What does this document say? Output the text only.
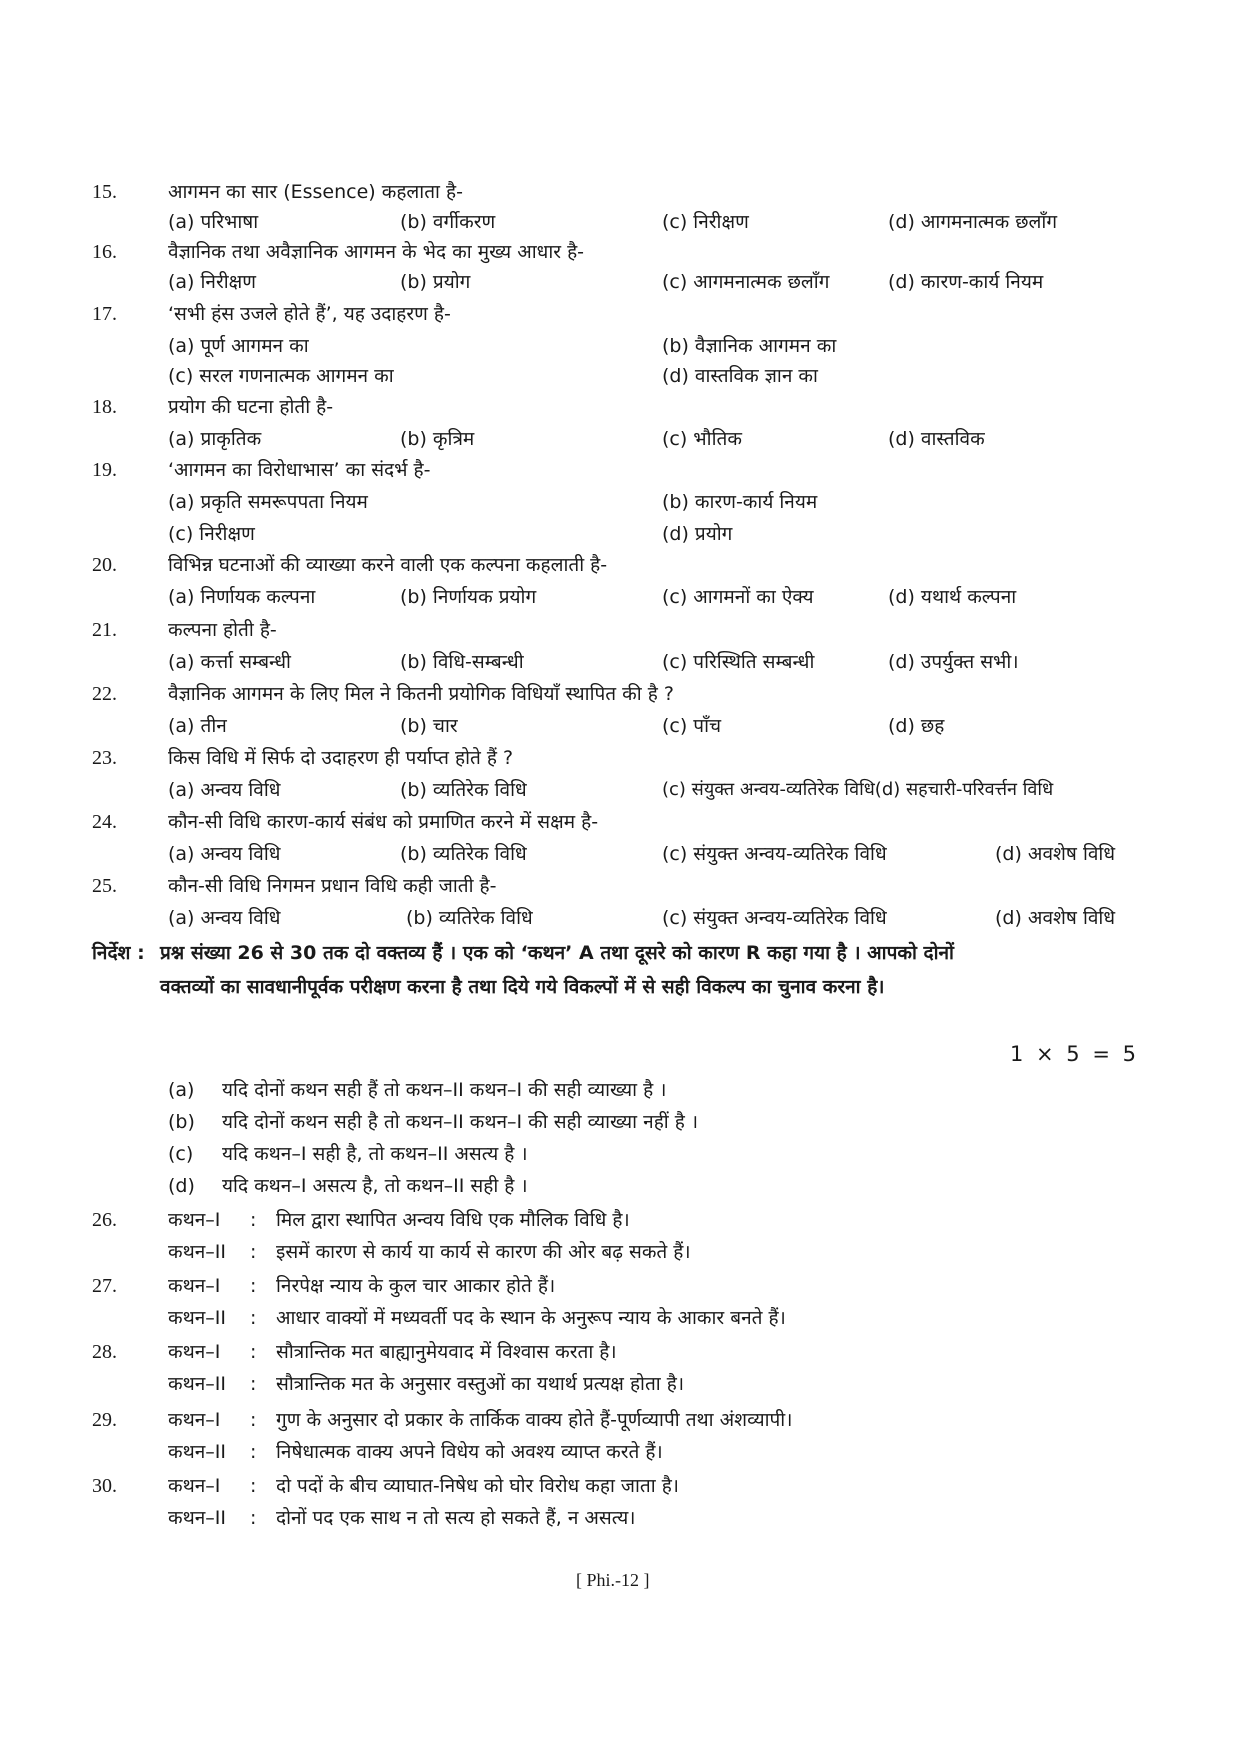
15.	आगमन का सार (Essence) कहलाता है-
(a) परिभाषा	(b) वर्गीकरण	(c) निरीक्षण	(d) आगमनात्मक छलाँग
16.	वैज्ञानिक तथा अवैज्ञानिक आगमन के भेद का मुख्य आधार है-
(a) निरीक्षण	(b) प्रयोग	(c) आगमनात्मक छलाँग	(d) कारण-कार्य नियम
17.	‘सभी हंस उजले होते हैं’, यह उदाहरण है-
(a) पूर्ण आगमन का	(b) वैज्ञानिक आगमन का
(c) सरल गणनात्मक आगमन का	(d) वास्तविक ज्ञान का
18.	प्रयोग की घटना होती है-
(a) प्राकृतिक	(b) कृत्रिम	(c) भौतिक	(d) वास्तविक
19.	‘आगमन का विरोधाभास’ का संदर्भ है-
(a) प्रकृति समरूपपता नियम	(b) कारण-कार्य नियम
(c) निरीक्षण	(d) प्रयोग
20.	विभिन्न घटनाओं की व्याख्या करने वाली एक कल्पना कहलाती है-
(a) निर्णायक कल्पना	(b) निर्णायक प्रयोग	(c) आगमनों का ऐक्य	(d) यथार्थ कल्पना
21.	कल्पना होती है-
(a) कर्त्ता सम्बन्धी	(b) विधि-सम्बन्धी	(c) परिस्थिति सम्बन्धी	(d) उपर्युक्त सभी।
22.	वैज्ञानिक आगमन के लिए मिल ने कितनी प्रयोगिक विधियाँ स्थापित की है ?
(a) तीन	(b) चार	(c) पाँच	(d) छह
23.	किस विधि में सिर्फ दो उदाहरण ही पर्याप्त होते हैं ?
(a) अन्वय विधि	(b) व्यतिरेक विधि	(c) संयुक्त अन्वय-व्यतिरेक विधि(d) सहचारी-परिवर्त्तन विधि
24.	कौन-सी विधि कारण-कार्य संबंध को प्रमाणित करने में सक्षम है-
(a) अन्वय विधि	(b) व्यतिरेक विधि	(c) संयुक्त अन्वय-व्यतिरेक विधि	(d) अवशेष विधि
25.	कौन-सी विधि निगमन प्रधान विधि कही जाती है-
(a) अन्वय विधि	(b) व्यतिरेक विधि	(c) संयुक्त अन्वय-व्यतिरेक विधि	(d) अवशेष विधि
निर्देश : प्रश्न संख्या 26 से 30 तक दो वक्तव्य हैं । एक को ‘कथन’ A तथा दूसरे को कारण R कहा गया है । आपको दोनों
वक्तव्यों का सावधानीपूर्वक परीक्षण करना है तथा दिये गये विकल्पों में से सही विकल्प का चुनाव करना है।
1 × 5 = 5
(a) यदि दोनों कथन सही हैं तो कथन–II कथन–I की सही व्याख्या है ।
(b) यदि दोनों कथन सही है तो कथन–II कथन–I की सही व्याख्या नहीं है ।
(c) यदि कथन–I सही है, तो कथन–II असत्य है ।
(d) यदि कथन–I असत्य है, तो कथन–II सही है ।
26.	कथन–I : मिल द्वारा स्थापित अन्वय विधि एक मौलिक विधि है।
कथन–II : इसमें कारण से कार्य या कार्य से कारण की ओर बढ़ सकते हैं।
27.	कथन–I : निरपेक्ष न्याय के कुल चार आकार होते हैं।
कथन–II : आधार वाक्यों में मध्यवर्ती पद के स्थान के अनुरूप न्याय के आकार बनते हैं।
28.	कथन–I : सौत्रान्तिक मत बाह्यानुमेयवाद में विश्वास करता है।
कथन–II : सौत्रान्तिक मत के अनुसार वस्तुओं का यथार्थ प्रत्यक्ष होता है।
29.	कथन–I : गुण के अनुसार दो प्रकार के तार्किक वाक्य होते हैं-पूर्णव्यापी तथा अंशव्यापी।
कथन–II : निषेधात्मक वाक्य अपने विधेय को अवश्य व्याप्त करते हैं।
30.	कथन–I : दो पदों के बीच व्याघात-निषेध को घोर विरोध कहा जाता है।
कथन–II : दोनों पद एक साथ न तो सत्य हो सकते हैं, न असत्य।
[ Phi.-12 ]
